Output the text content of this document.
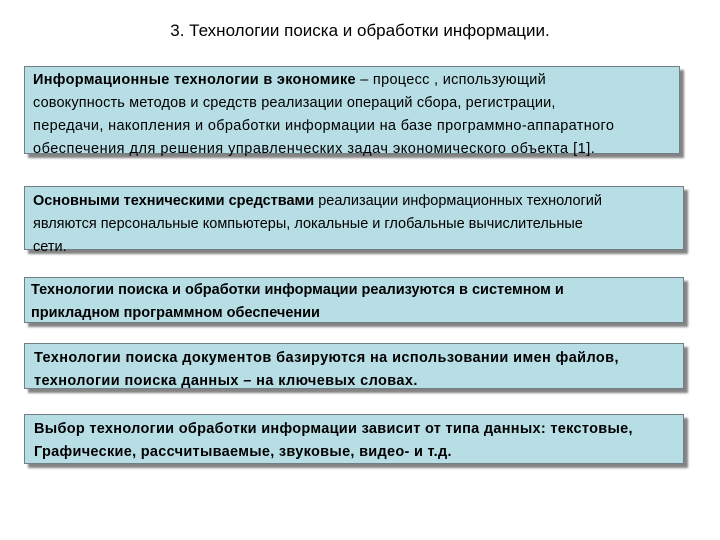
3. Технологии поиска и обработки информации.
Информационные технологии в экономике – процесс , использующий
совокупность методов и средств реализации операций сбора, регистрации,
передачи, накопления и обработки информации на базе программно-аппаратного
обеспечения для решения управленческих задач экономического объекта [1].
Основными техническими средствами реализации информационных технологий
являются персональные компьютеры, локальные и глобальные вычислительные
сети.
Технологии поиска и обработки информации реализуются в системном и
прикладном программном обеспечении
Технологии поиска документов базируются на использовании имен файлов,
технологии поиска данных – на ключевых словах.
Выбор технологии обработки информации зависит от типа данных: текстовые,
Графические, рассчитываемые, звуковые, видео- и т.д.
